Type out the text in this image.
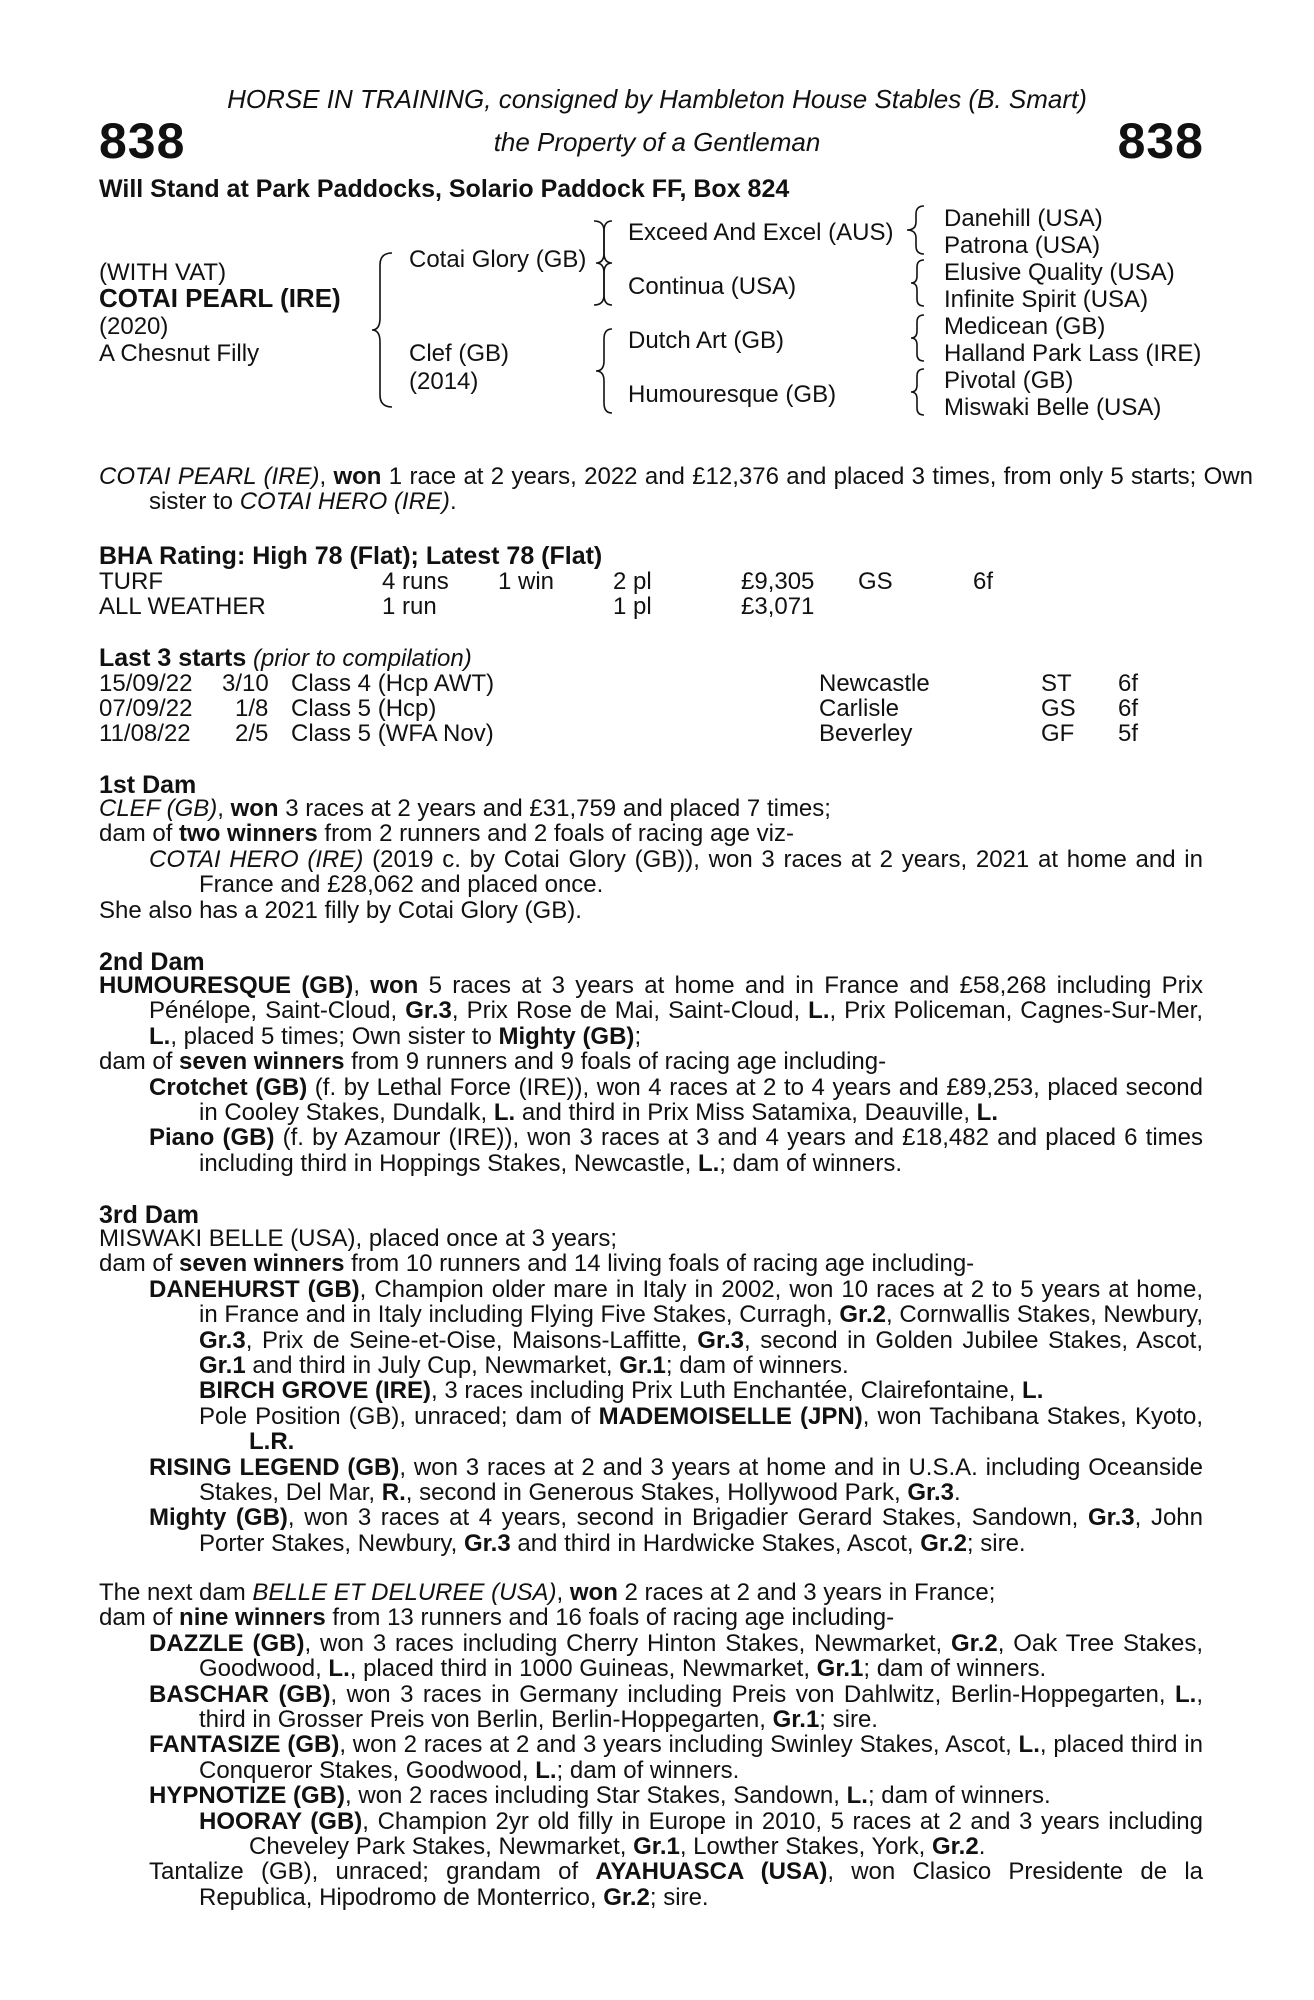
838	838
HORSE IN TRAINING, consigned by Hambleton House Stables (B. Smart)
the Property of a Gentleman
Will Stand at Park Paddocks, Solario Paddock FF, Box 824
(WITH VAT)
COTAI PEARL (IRE)
(2020)
A Chesnut Filly
Cotai Glory (GB)
Clef (GB)
(2014)
Exceed And Excel (AUS)
Continua (USA)
Dutch Art (GB)
Humouresque (GB)
Danehill (USA)
Patrona (USA)
Elusive Quality (USA)
Infinite Spirit (USA)
Medicean (GB)
Halland Park Lass (IRE)
Pivotal (GB)
Miswaki Belle (USA)
COTAI PEARL (IRE), won 1 race at 2 years, 2022 and £12,376 and placed 3 times, from only 5 starts; Own sister to COTAI HERO (IRE).
BHA Rating: High 78 (Flat); Latest 78 (Flat)
TURF	4 runs 1 win 2 pl	£9,305 GS	6f
ALL WEATHER	1 run	1 pl	£3,071
Last 3 starts (prior to compilation)
15/09/22 3/10 Class 4 (Hcp AWT)	Newcastle	ST 6f
07/09/22 1/8 Class 5 (Hcp)	Carlisle	GS 6f
11/08/22 2/5 Class 5 (WFA Nov)	Beverley	GF 5f
1st Dam

CLEF (GB), won 3 races at 2 years and £31,759 and placed 7 times;

dam of two winners from 2 runners and 2 foals of racing age viz-

COTAI HERO (IRE) (2019 c. by Cotai Glory (GB)), won 3 races at 2 years, 2021 at home and in France and £28,062 and placed once.

She also has a 2021 filly by Cotai Glory (GB).

2nd Dam

HUMOURESQUE (GB), won 5 races at 3 years at home and in France and £58,268 including Prix Pénélope, Saint-Cloud, Gr.3, Prix Rose de Mai, Saint-Cloud, L., Prix Policeman, Cagnes-Sur-Mer, L., placed 5 times; Own sister to Mighty (GB);

dam of seven winners from 9 runners and 9 foals of racing age including-

Crotchet (GB) (f. by Lethal Force (IRE)), won 4 races at 2 to 4 years and £89,253, placed second in Cooley Stakes, Dundalk, L. and third in Prix Miss Satamixa, Deauville, L.

Piano (GB) (f. by Azamour (IRE)), won 3 races at 3 and 4 years and £18,482 and placed 6 times including third in Hoppings Stakes, Newcastle, L.; dam of winners.

3rd Dam

MISWAKI BELLE (USA), placed once at 3 years;

dam of seven winners from 10 runners and 14 living foals of racing age including-

DANEHURST (GB), Champion older mare in Italy in 2002, won 10 races at 2 to 5 years at home, in France and in Italy including Flying Five Stakes, Curragh, Gr.2, Cornwallis Stakes, Newbury, Gr.3, Prix de Seine-et-Oise, Maisons-Laffitte, Gr.3, second in Golden Jubilee Stakes, Ascot, Gr.1 and third in July Cup, Newmarket, Gr.1; dam of winners.

BIRCH GROVE (IRE), 3 races including Prix Luth Enchantée, Clairefontaine, L.

Pole Position (GB), unraced; dam of MADEMOISELLE (JPN), won Tachibana Stakes, Kyoto, L.R.

RISING LEGEND (GB), won 3 races at 2 and 3 years at home and in U.S.A. including Oceanside Stakes, Del Mar, R., second in Generous Stakes, Hollywood Park, Gr.3.

Mighty (GB), won 3 races at 4 years, second in Brigadier Gerard Stakes, Sandown, Gr.3, John Porter Stakes, Newbury, Gr.3 and third in Hardwicke Stakes, Ascot, Gr.2; sire.

The next dam BELLE ET DELUREE (USA), won 2 races at 2 and 3 years in France;

dam of nine winners from 13 runners and 16 foals of racing age including-

DAZZLE (GB), won 3 races including Cherry Hinton Stakes, Newmarket, Gr.2, Oak Tree Stakes, Goodwood, L., placed third in 1000 Guineas, Newmarket, Gr.1; dam of winners.

BASCHAR (GB), won 3 races in Germany including Preis von Dahlwitz, Berlin-Hoppegarten, L., third in Grosser Preis von Berlin, Berlin-Hoppegarten, Gr.1; sire.

FANTASIZE (GB), won 2 races at 2 and 3 years including Swinley Stakes, Ascot, L., placed third in Conqueror Stakes, Goodwood, L.; dam of winners.

HYPNOTIZE (GB), won 2 races including Star Stakes, Sandown, L.; dam of winners.

HOORAY (GB), Champion 2yr old filly in Europe in 2010, 5 races at 2 and 3 years including Cheveley Park Stakes, Newmarket, Gr.1, Lowther Stakes, York, Gr.2.

Tantalize (GB), unraced; grandam of AYAHUASCA (USA), won Clasico Presidente de la Republica, Hipodromo de Monterrico, Gr.2; sire.
